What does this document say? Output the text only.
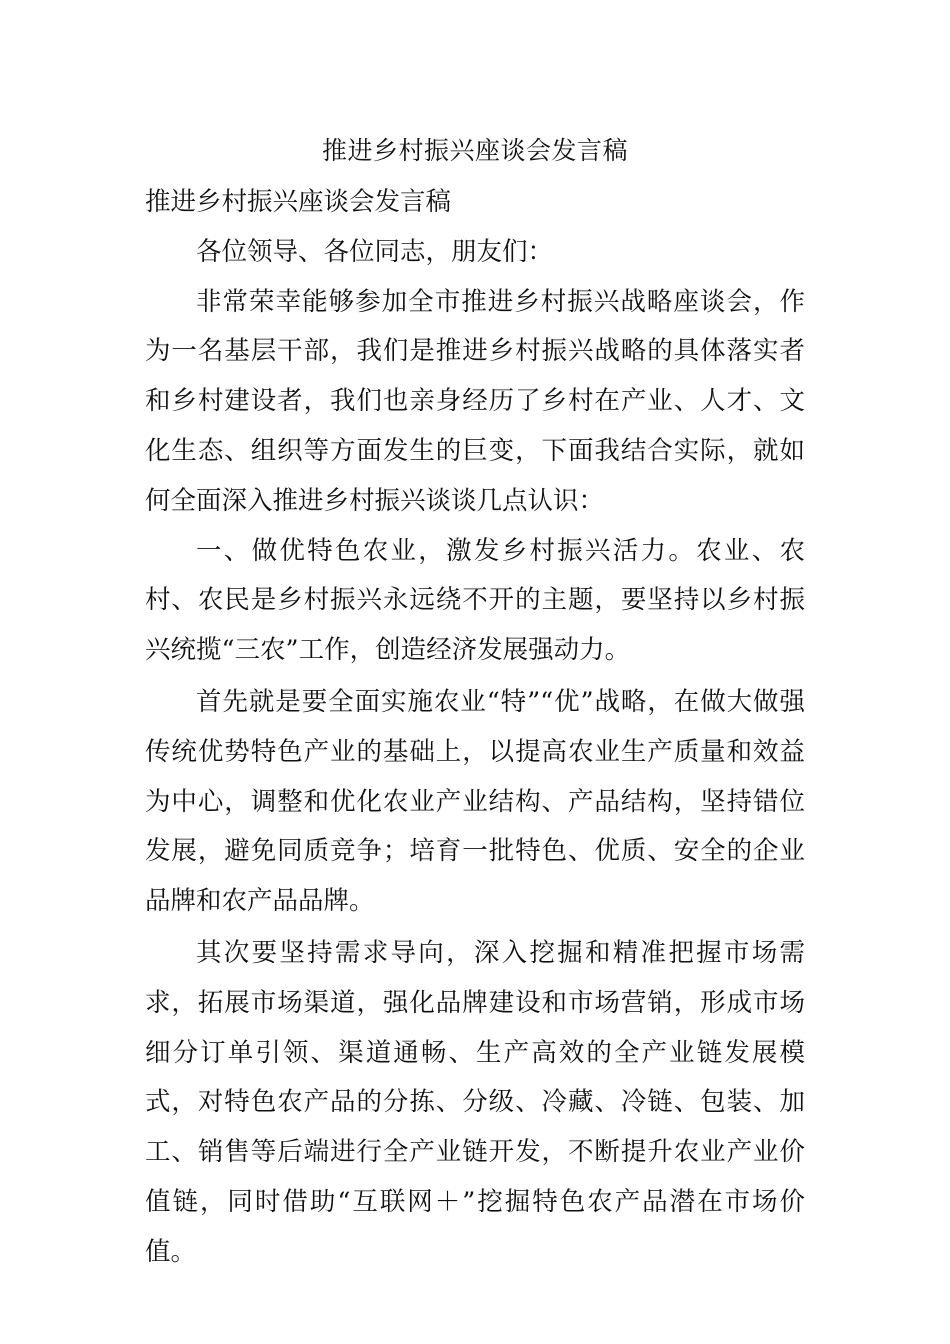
推进乡村振兴座谈会发言稿

推进乡村振兴座谈会发言稿

各位领导、各位同志，朋友们：

非常荣幸能够参加全市推进乡村振兴战略座谈会，作为一名基层干部，我们是推进乡村振兴战略的具体落实者和乡村建设者，我们也亲身经历了乡村在产业、人才、文化生态、组织等方面发生的巨变，下面我结合实际，就如何全面深入推进乡村振兴谈谈几点认识：

一、做优特色农业，激发乡村振兴活力。农业、农村、农民是乡村振兴永远绕不开的主题，要坚持以乡村振兴统揽“三农”工作，创造经济发展强动力。

首先就是要全面实施农业“特”“优”战略，在做大做强传统优势特色产业的基础上，以提高农业生产质量和效益为中心，调整和优化农业产业结构、产品结构，坚持错位发展，避免同质竞争；培育一批特色、优质、安全的企业品牌和农产品品牌。

其次要坚持需求导向，深入挖掘和精准把握市场需求，拓展市场渠道，强化品牌建设和市场营销，形成市场细分订单引领、渠道通畅、生产高效的全产业链发展模式，对特色农产品的分拣、分级、冷藏、冷链、包装、加工、销售等后端进行全产业链开发，不断提升农业产业价值链，同时借助“互联网＋”挖掘特色农产品潜在市场价值。
